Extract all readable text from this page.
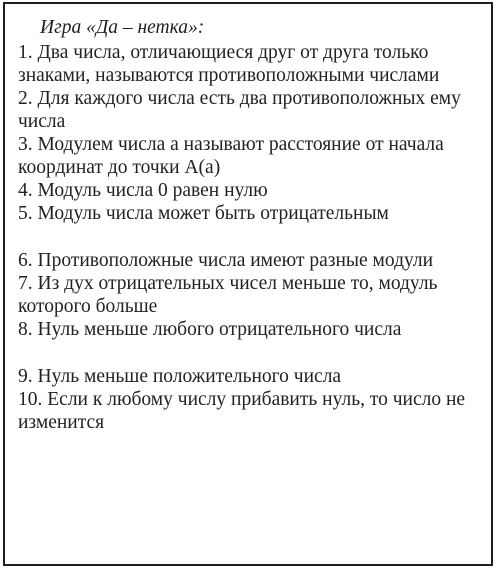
Игра «Да – нетка»:
1. Два числа, отличающиеся друг от друга только знаками, называются противоположными числами
2. Для каждого числа есть два противоположных ему числа
3. Модулем числа а называют расстояние от начала координат до точки А(а)
4. Модуль числа 0 равен нулю
5. Модуль числа может быть отрицательным
6. Противоположные числа имеют разные модули
7. Из дух отрицательных чисел меньше то, модуль которого больше
8. Нуль меньше любого отрицательного числа
9. Нуль меньше положительного числа
10. Если к любому числу прибавить нуль, то число не изменится
